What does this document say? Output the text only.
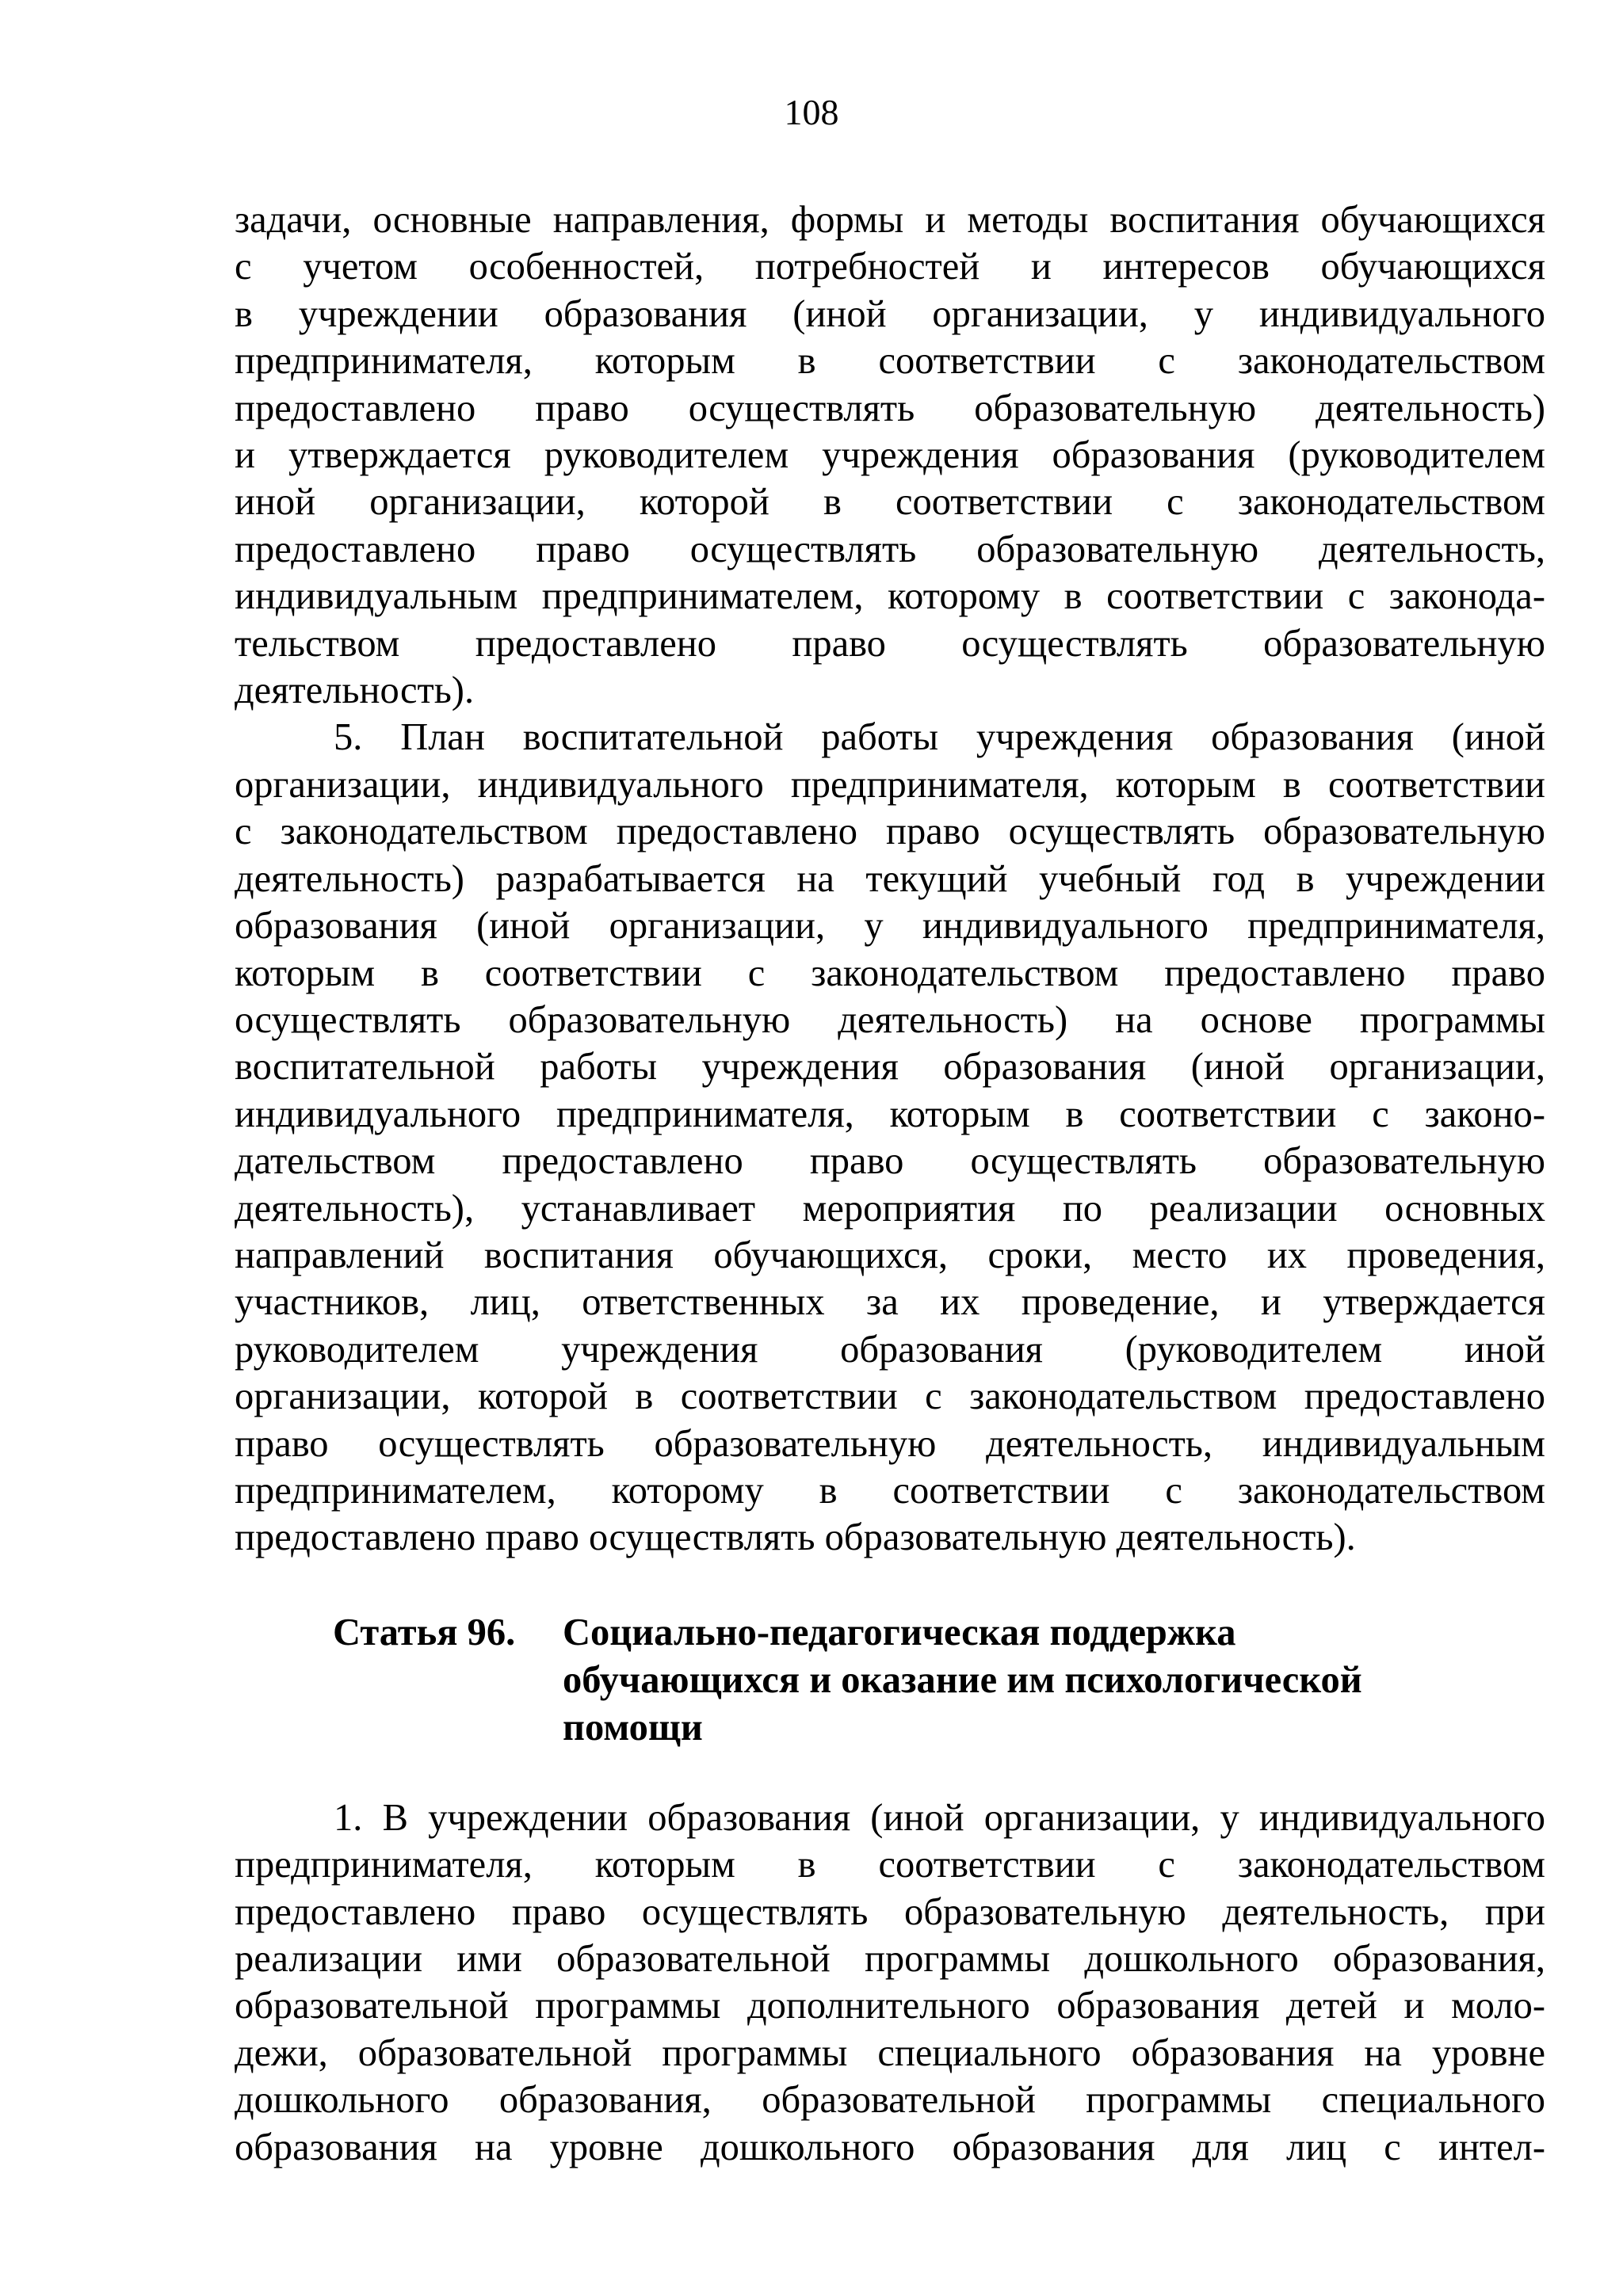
108
задачи, основные направления, формы и методы воспитания обучающихся
с учетом особенностей, потребностей и интересов обучающихся
в учреждении образования (иной организации, у индивидуального
предпринимателя, которым в соответствии с законодательством
предоставлено право осуществлять образовательную деятельность)
и утверждается руководителем учреждения образования (руководителем
иной организации, которой в соответствии с законодательством
предоставлено право осуществлять образовательную деятельность,
индивидуальным предпринимателем, которому в соответствии с законода-
тельством предоставлено право осуществлять образовательную
деятельность).
5. План воспитательной работы учреждения образования (иной
организации, индивидуального предпринимателя, которым в соответствии
с законодательством предоставлено право осуществлять образовательную
деятельность) разрабатывается на текущий учебный год в учреждении
образования (иной организации, у индивидуального предпринимателя,
которым в соответствии с законодательством предоставлено право
осуществлять образовательную деятельность) на основе программы
воспитательной работы учреждения образования (иной организации,
индивидуального предпринимателя, которым в соответствии с законо-
дательством предоставлено право осуществлять образовательную
деятельность), устанавливает мероприятия по реализации основных
направлений воспитания обучающихся, сроки, место их проведения,
участников, лиц, ответственных за их проведение, и утверждается
руководителем учреждения образования (руководителем иной
организации, которой в соответствии с законодательством предоставлено
право осуществлять образовательную деятельность, индивидуальным
предпринимателем, которому в соответствии с законодательством
предоставлено право осуществлять образовательную деятельность).
Статья 96.	Социально-педагогическая поддержка
обучающихся и оказание им психологической
помощи
1. В учреждении образования (иной организации, у индивидуального
предпринимателя, которым в соответствии с законодательством
предоставлено право осуществлять образовательную деятельность, при
реализации ими образовательной программы дошкольного образования,
образовательной программы дополнительного образования детей и моло-
дежи, образовательной программы специального образования на уровне
дошкольного образования, образовательной программы специального
образования на уровне дошкольного образования для лиц с интел-
